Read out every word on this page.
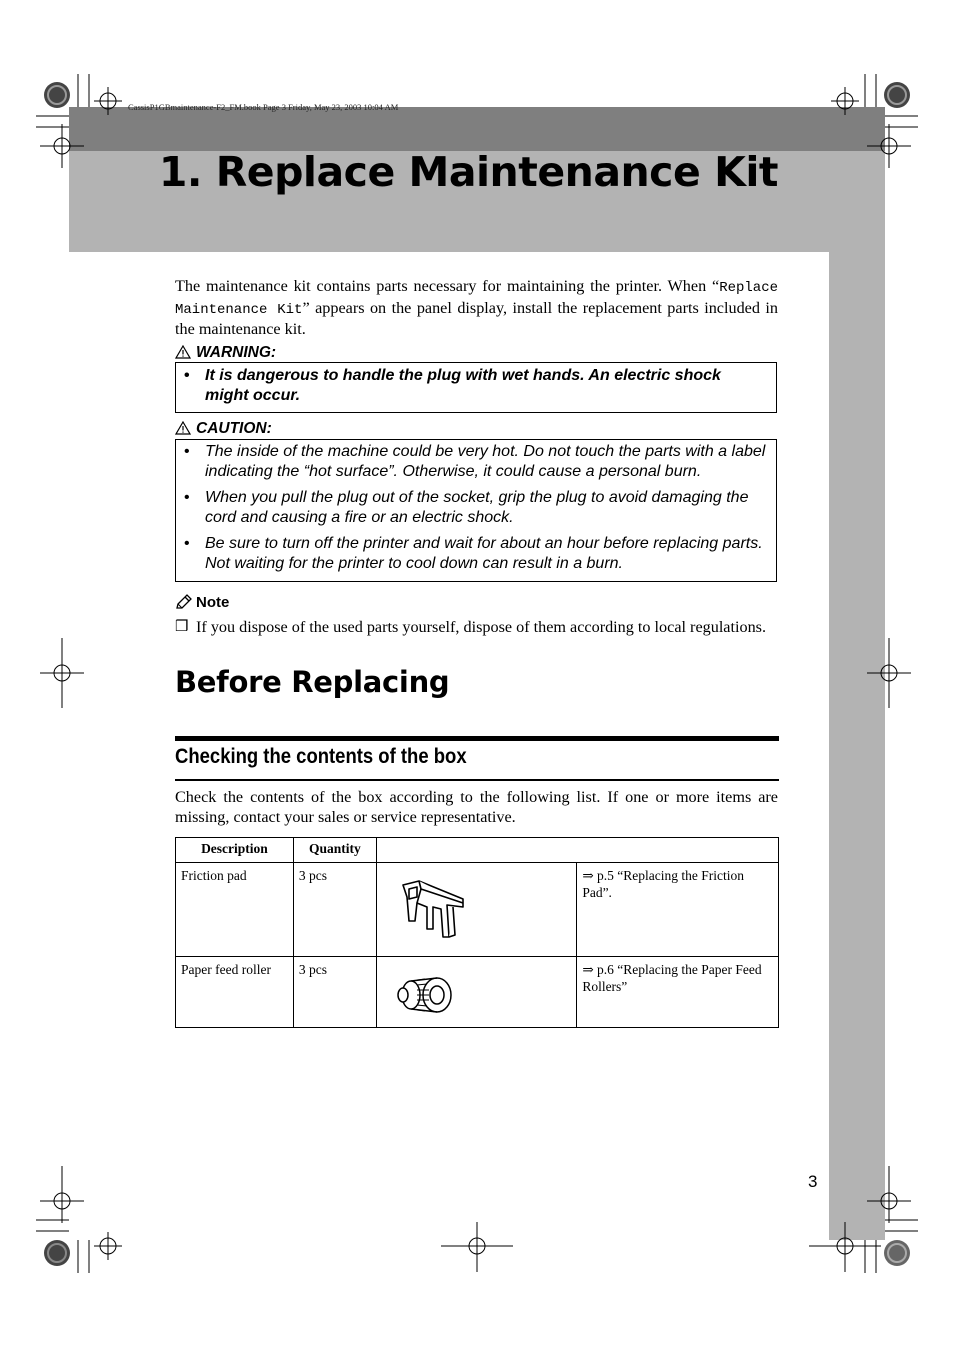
CassisP1GBmaintenance-F2_FM.book Page 3 Friday, May 23, 2003 10:04 AM
1. Replace Maintenance Kit
The maintenance kit contains parts necessary for maintaining the printer. When “Replace Maintenance Kit” appears on the panel display, install the replacement parts included in the maintenance kit.
WARNING:
• It is dangerous to handle the plug with wet hands. An electric shock might occur.
CAUTION:
• The inside of the machine could be very hot. Do not touch the parts with a label indicating the “hot surface”. Otherwise, it could cause a personal burn.
• When you pull the plug out of the socket, grip the plug to avoid damaging the cord and causing a fire or an electric shock.
• Be sure to turn off the printer and wait for about an hour before replacing parts. Not waiting for the printer to cool down can result in a burn.
Note
❒ If you dispose of the used parts yourself, dispose of them according to local regulations.
Before Replacing
Checking the contents of the box
Check the contents of the box according to the following list. If one or more items are missing, contact your sales or service representative.
Description	Quantity		
Friction pad	3 pcs		⇒ p.5 “Replacing the Friction Pad”.
Paper feed roller	3 pcs		⇒ p.6 “Replacing the Paper Feed Rollers”
3
